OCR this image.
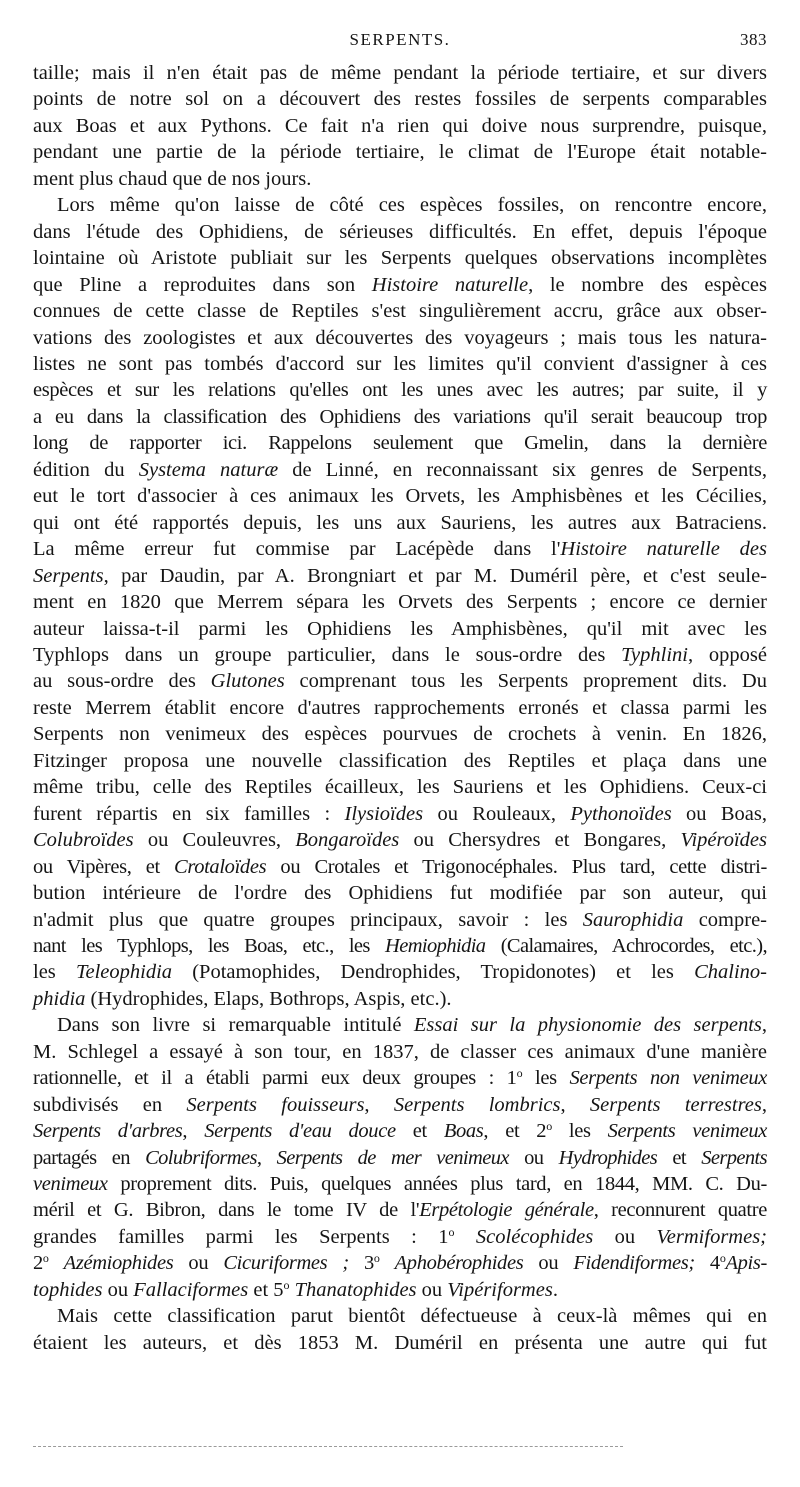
SERPENTS.	383
taille; mais il n'en était pas de même pendant la période tertiaire, et sur divers
points de notre sol on a découvert des restes fossiles de serpents comparables
aux Boas et aux Pythons. Ce fait n'a rien qui doive nous surprendre, puisque,
pendant une partie de la période tertiaire, le climat de l'Europe était notable-
ment plus chaud que de nos jours.
Lors même qu'on laisse de côté ces espèces fossiles, on rencontre encore,
dans l'étude des Ophidiens, de sérieuses difficultés. En effet, depuis l'époque
lointaine où Aristote publiait sur les Serpents quelques observations incomplètes
que Pline a reproduites dans son Histoire naturelle, le nombre des espèces
connues de cette classe de Reptiles s'est singulièrement accru, grâce aux obser-
vations des zoologistes et aux découvertes des voyageurs ; mais tous les natura-
listes ne sont pas tombés d'accord sur les limites qu'il convient d'assigner à ces
espèces et sur les relations qu'elles ont les unes avec les autres; par suite, il y
a eu dans la classification des Ophidiens des variations qu'il serait beaucoup trop
long de rapporter ici. Rappelons seulement que Gmelin, dans la dernière
édition du Systema naturæ de Linné, en reconnaissant six genres de Serpents,
eut le tort d'associer à ces animaux les Orvets, les Amphisbènes et les Cécilies,
qui ont été rapportés depuis, les uns aux Sauriens, les autres aux Batraciens.
La même erreur fut commise par Lacépède dans l'Histoire naturelle des
Serpents, par Daudin, par A. Brongniart et par M. Duméril père, et c'est seule-
ment en 1820 que Merrem sépara les Orvets des Serpents ; encore ce dernier
auteur laissa-t-il parmi les Ophidiens les Amphisbènes, qu'il mit avec les
Typhlops dans un groupe particulier, dans le sous-ordre des Typhlini, opposé
au sous-ordre des Glutones comprenant tous les Serpents proprement dits. Du
reste Merrem établit encore d'autres rapprochements erronés et classa parmi les
Serpents non venimeux des espèces pourvues de crochets à venin. En 1826,
Fitzinger proposa une nouvelle classification des Reptiles et plaça dans une
même tribu, celle des Reptiles écailleux, les Sauriens et les Ophidiens. Ceux-ci
furent répartis en six familles : Ilysioïdes ou Rouleaux, Pythonoïdes ou Boas,
Colubroïdes ou Couleuvres, Bongaroïdes ou Chersydres et Bongares, Vipéroïdes
ou Vipères, et Crotaloïdes ou Crotales et Trigonocéphales. Plus tard, cette distri-
bution intérieure de l'ordre des Ophidiens fut modifiée par son auteur, qui
n'admit plus que quatre groupes principaux, savoir : les Saurophidia compre-
nant les Typhlops, les Boas, etc., les Hemiophidia (Calamaires, Achrocordes, etc.),
les Teleophidia (Potamophides, Dendrophides, Tropidonotes) et les Chalino-
phidia (Hydrophides, Elaps, Bothrops, Aspis, etc.).
Dans son livre si remarquable intitulé Essai sur la physionomie des serpents,
M. Schlegel a essayé à son tour, en 1837, de classer ces animaux d'une manière
rationnelle, et il a établi parmi eux deux groupes : 1$^o$ les Serpents non venimeux
subdivisés en Serpents fouisseurs, Serpents lombrics, Serpents terrestres,
Serpents d'arbres, Serpents d'eau douce et Boas, et 2$^o$ les Serpents venimeux
partagés en Colubriformes, Serpents de mer venimeux ou Hydrophides et Serpents
venimeux proprement dits. Puis, quelques années plus tard, en 1844, MM. C. Du-
méril et G. Bibron, dans le tome IV de l'Erpétologie générale, reconnurent quatre
grandes familles parmi les Serpents : 1$^o$ Scolécophides ou Vermiformes;
2$^o$ Azémiophides ou Cicuriformes ; 3$^o$ Aphobérophides ou Fidendiformes; 4$^o$Apis-
tophides ou Fallaciformes et 5$^o$ Thanatophides ou Vipériformes.
Mais cette classification parut bientôt défectueuse à ceux-là mêmes qui en
étaient les auteurs, et dès 1853 M. Duméril en présenta une autre qui fut
